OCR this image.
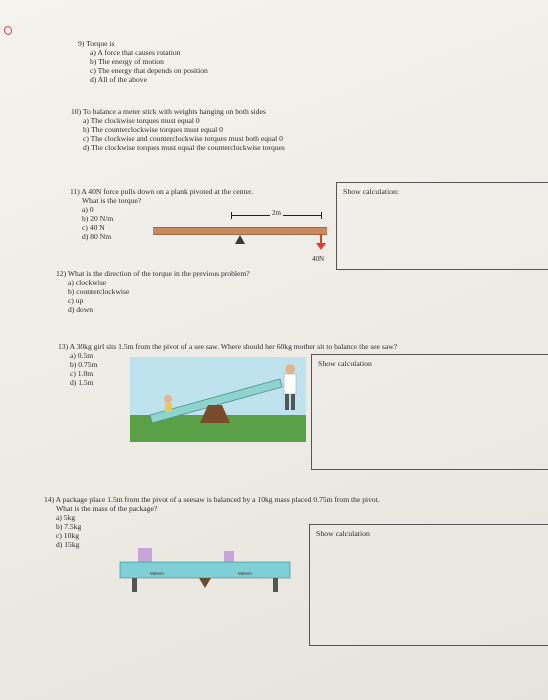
9) Torque is
a) A force that causes rotation
b) The energy of motion
c) The energy that depends on position
d) All of the above
10) To balance a meter stick with weights hanging on both sides
a) The clockwise torques must equal 0
b) The counterclockwise torques must equal 0
c) The clockwise and counterclockwise torques must both equal 0
d) The clockwise torques must equal the counterclockwise torques
11) A 40N force pulls down on a plank pivoted at the center.
What is the torque?
a) 0
b) 20 N/m
c) 40 N
d) 80 Nm
2m
40N
Show calculation:
12) What is the direction of the torque in the previous problem?
a) clockwise
b) counterclockwise
c) up
d) down
13) A 30kg girl sits 1.5m from the pivot of a see saw. Where should her 60kg mother sit to balance the see saw?
a) 0.5m
b) 0.75m
c) 1.0m
d) 1.5m
Show calculation
14) A package place 1.5m from the pivot of a seesaw is balanced by a 10kg mass placed 0.75m from the pivot.
What is the mass of the package?
a) 5kg
b) 7.5kg
c) 10kg
d) 15kg
Meters	Meters
Show calculation
